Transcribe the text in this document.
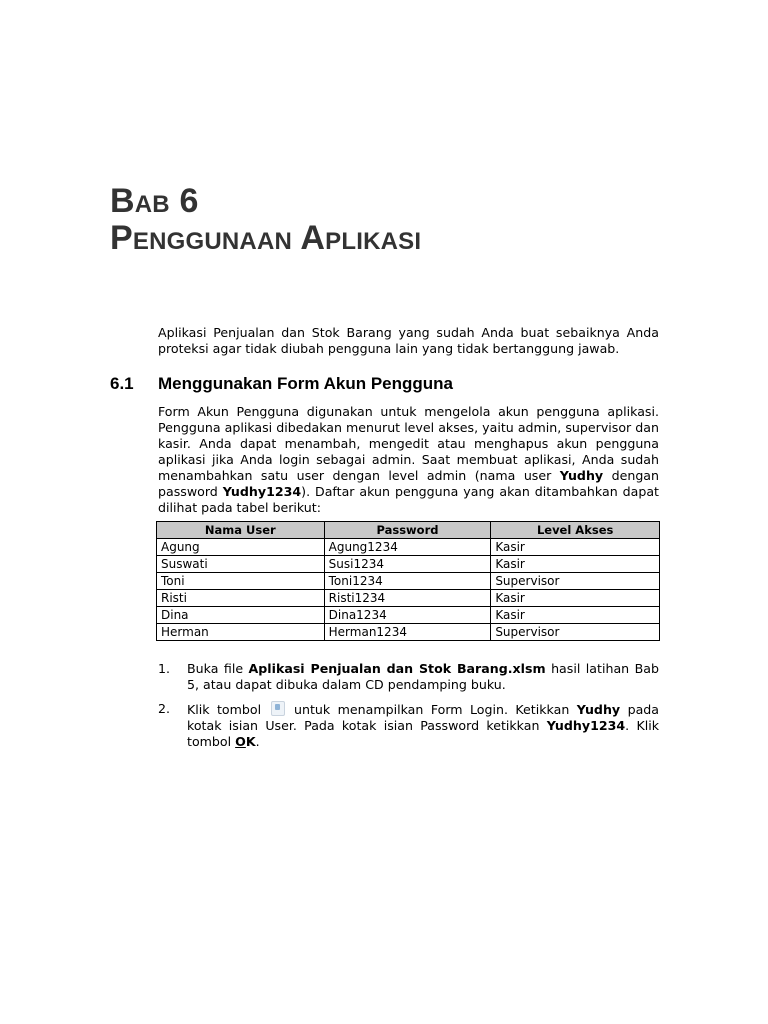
Bab 6
Penggunaan Aplikasi

Aplikasi Penjualan dan Stok Barang yang sudah Anda buat sebaiknya Anda proteksi agar tidak diubah pengguna lain yang tidak bertanggung jawab.

6.1 Menggunakan Form Akun Pengguna

Form Akun Pengguna digunakan untuk mengelola akun pengguna aplikasi. Pengguna aplikasi dibedakan menurut level akses, yaitu admin, supervisor dan kasir. Anda dapat menambah, mengedit atau menghapus akun pengguna aplikasi jika Anda login sebagai admin. Saat membuat aplikasi, Anda sudah menambahkan satu user dengan level admin (nama user Yudhy dengan password Yudhy1234). Daftar akun pengguna yang akan ditambahkan dapat dilihat pada tabel berikut:

Nama User	Password	Level Akses
Agung	Agung1234	Kasir
Suswati	Susi1234	Kasir
Toni	Toni1234	Supervisor
Risti	Risti1234	Kasir
Dina	Dina1234	Kasir
Herman	Herman1234	Supervisor
1.	Buka file Aplikasi Penjualan dan Stok Barang.xlsm hasil latihan Bab 5, atau dapat dibuka dalam CD pendamping buku.
2.	Klik tombol  untuk menampilkan Form Login. Ketikkan Yudhy pada kotak isian User. Pada kotak isian Password ketikkan Yudhy1234. Klik tombol OK.
